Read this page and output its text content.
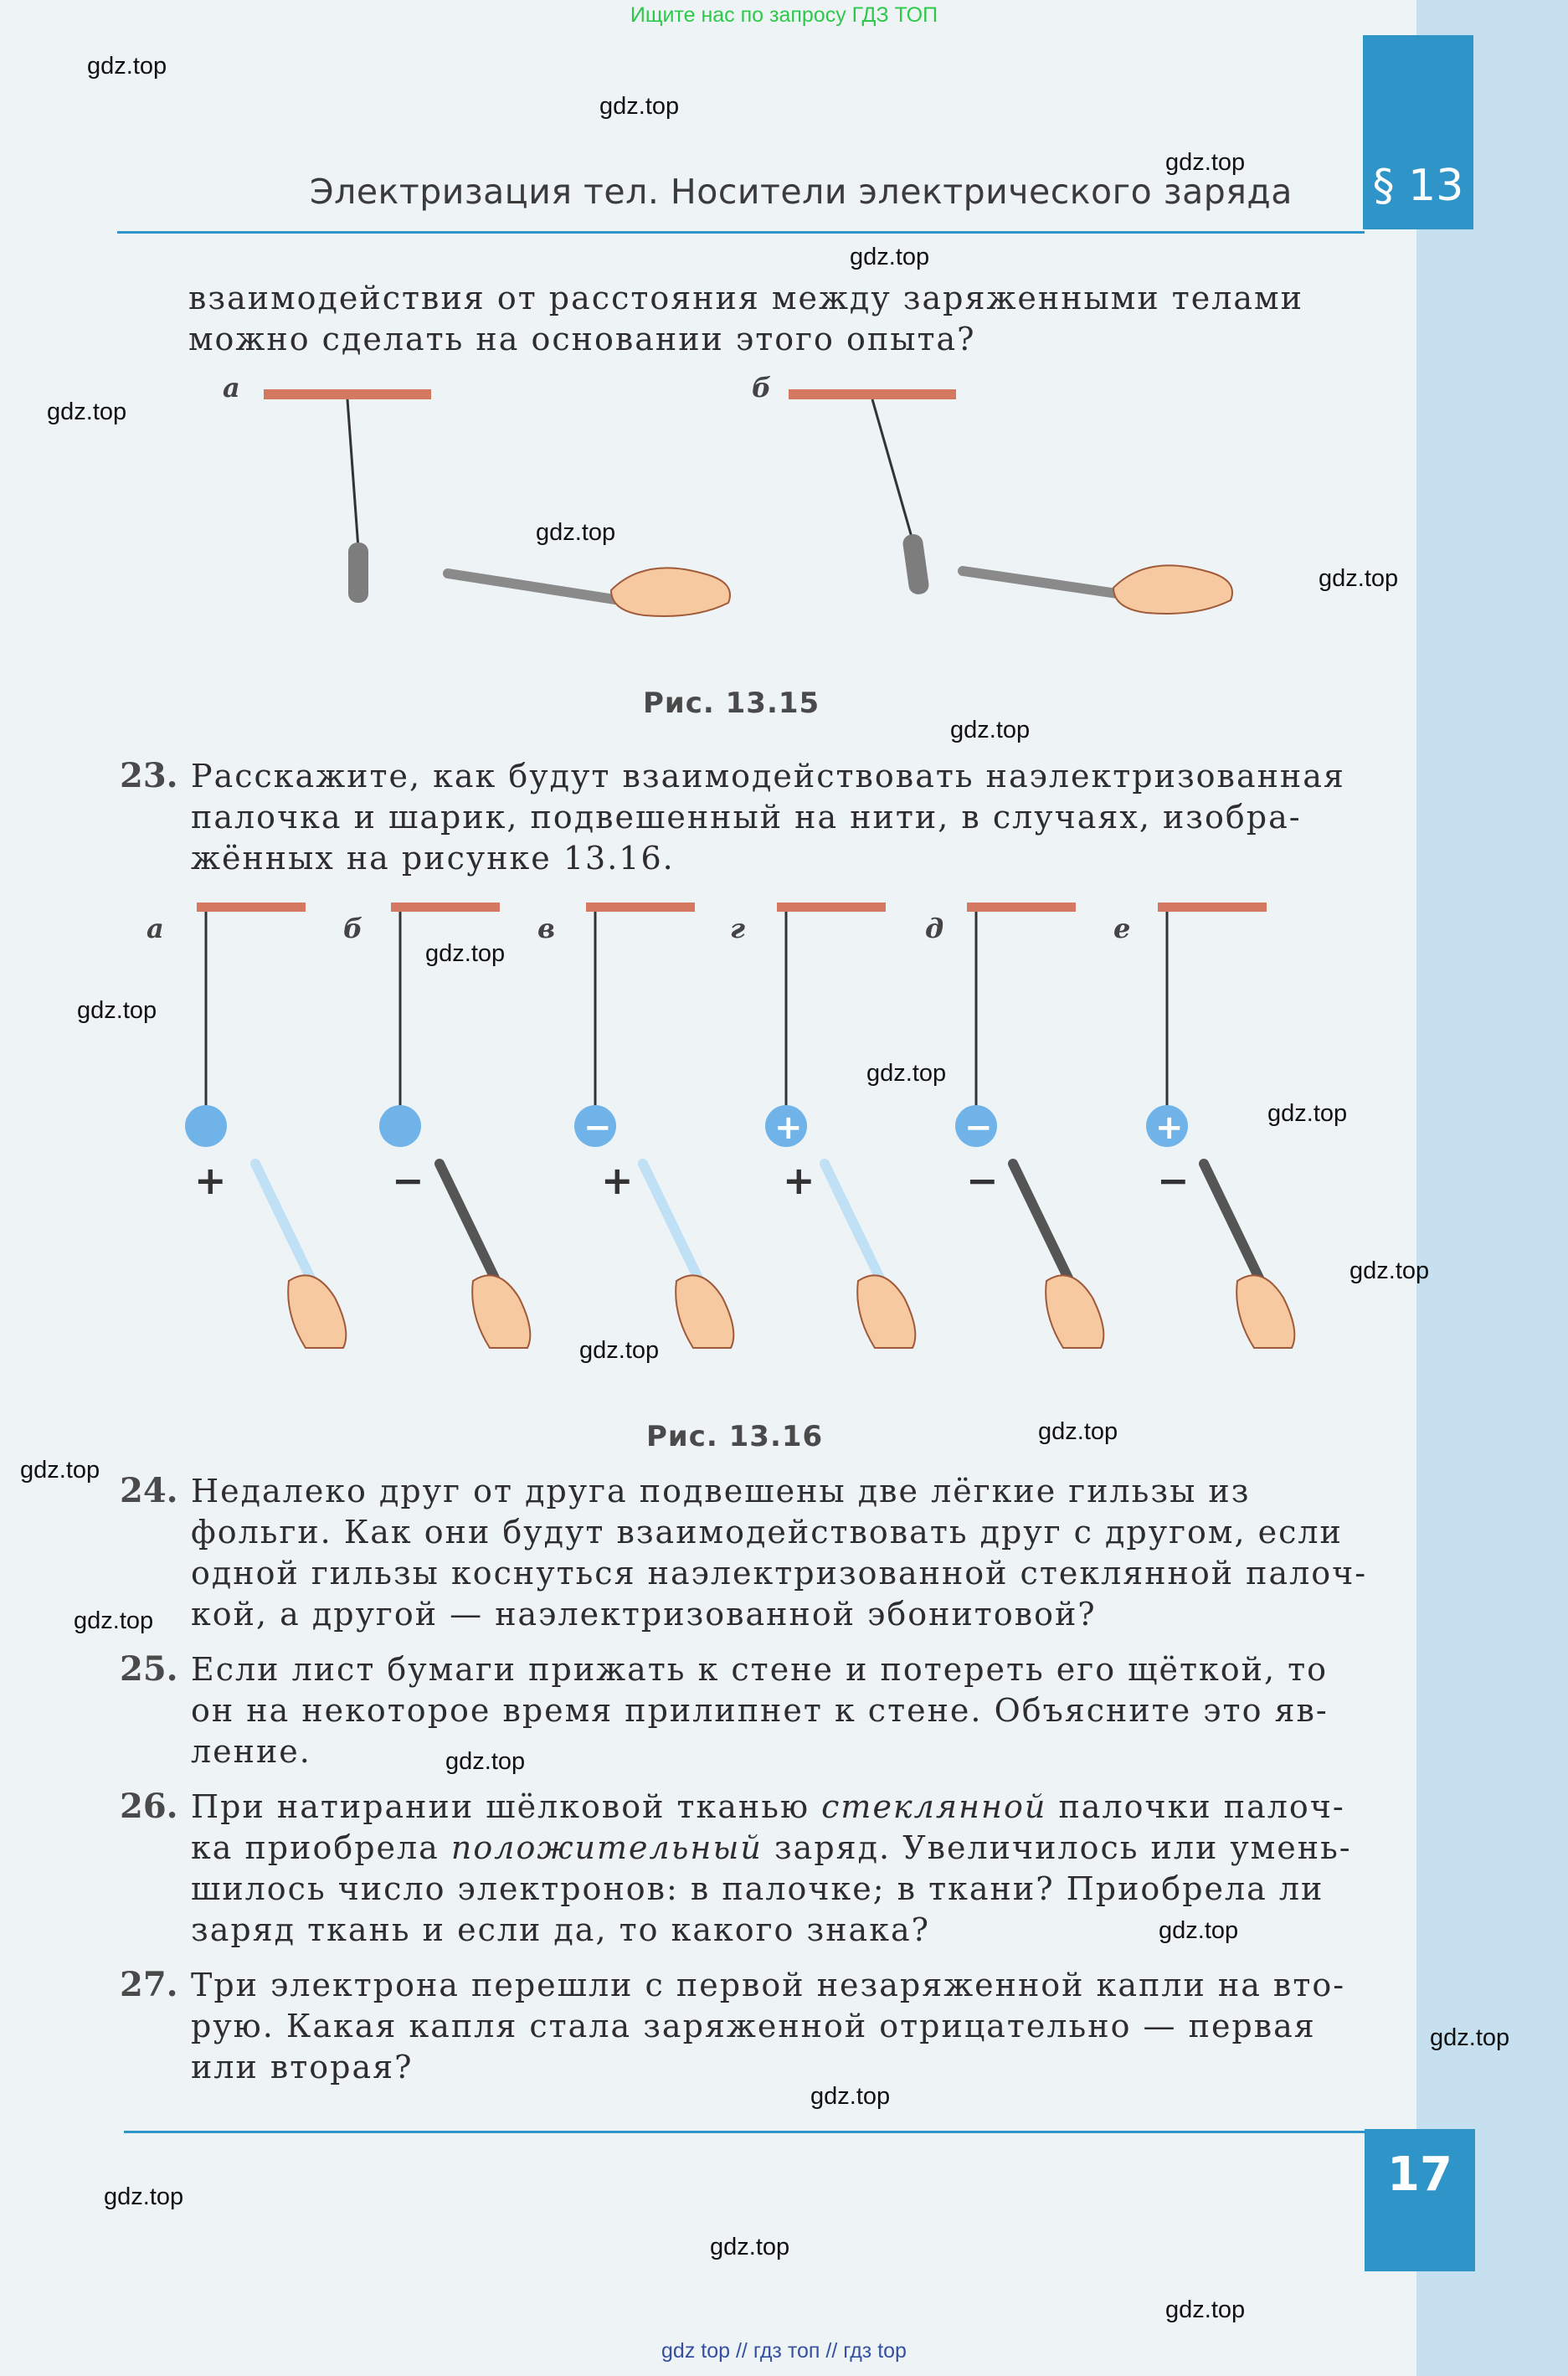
§ 13
Ищите нас по запросу ГДЗ ТОП
Электризация тел. Носители электрического заряда

взаимодействия от расстояния между заряженными телами

можно сделать на основании этого опыта?

а	б
Рис. 13.15
23. Расскажите, как будут взаимодействовать наэлектризованная

палочка и шарик, подвешенный на нити, в случаях, изобра-

жённых на рисунке 13.16.

а
+
б
−
в
−
+
г
+
+
д
−
−
е
+
−
Рис. 13.16
24. Недалеко друг от друга подвешены две лёгкие гильзы из

фольги. Как они будут взаимодействовать друг с другом, если

одной гильзы коснуться наэлектризованной стеклянной палоч-

кой, а другой — наэлектризованной эбонитовой?

25. Если лист бумаги прижать к стене и потереть его щёткой, то

он на некоторое время прилипнет к стене. Объясните это яв-

ление.

26. При натирании шёлковой тканью стеклянной палочки палоч-

ка приобрела положительный заряд. Увеличилось или умень-

шилось число электронов: в палочке; в ткани? Приобрела ли

заряд ткань и если да, то какого знака?

27. Три электрона перешли с первой незаряженной капли на вто-

рую. Какая капля стала заряженной отрицательно — первая

или вторая?

17
gdz.top
gdz.top
gdz.top
gdz.top
gdz.top
gdz.top
gdz.top
gdz.top
gdz.top
gdz.top
gdz.top
gdz.top
gdz.top
gdz.top
gdz.top
gdz.top
gdz.top
gdz.top
gdz.top
gdz.top
gdz.top
gdz.top
gdz.top
gdz.top
gdz top // гдз топ // гдз top
